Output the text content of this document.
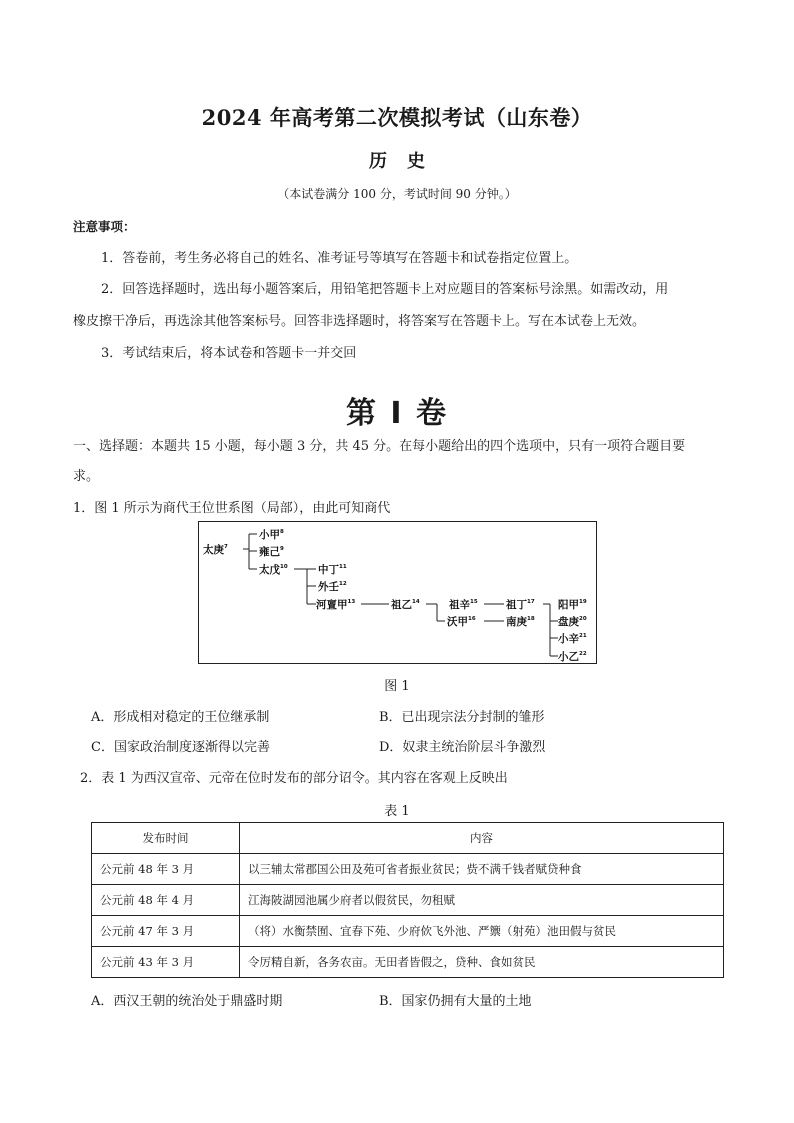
2024 年高考第二次模拟考试（山东卷）
历 史
（本试卷满分 100 分，考试时间 90 分钟。）
注意事项：
1．答卷前，考生务必将自己的姓名、准考证号等填写在答题卡和试卷指定位置上。
2．回答选择题时，选出每小题答案后，用铅笔把答题卡上对应题目的答案标号涂黑。如需改动，用
橡皮擦干净后，再选涂其他答案标号。回答非选择题时，将答案写在答题卡上。写在本试卷上无效。
3．考试结束后，将本试卷和答题卡一并交回
第 I 卷
一、选择题：本题共 15 小题，每小题 3 分，共 45 分。在每小题给出的四个选项中，只有一项符合题目要
求。
1．图 1 所示为商代王位世系图（局部），由此可知商代
太庚$^7$
小甲$^8$
雍己$^9$
太戊$^{10}$	中丁$^{11}$
外壬$^{12}$
河亶甲$^{13}$	祖乙$^{14}$	祖辛$^{15}$
沃甲$^{16}$
祖丁$^{17}$
南庚$^{18}$
阳甲$^{19}$
盘庚$^{20}$
小辛$^{21}$
小乙$^{22}$
图 1
A．形成相对稳定的王位继承制	B．已出现宗法分封制的雏形
C．国家政治制度逐渐得以完善	D．奴隶主统治阶层斗争激烈
2．表 1 为西汉宣帝、元帝在位时发布的部分诏令。其内容在客观上反映出
表 1
发布时间	内容
公元前 48 年 3 月	以三辅太常郡国公田及苑可省者振业贫民；赀不满千钱者赋贷种食
公元前 48 年 4 月	江海陂湖园池属少府者以假贫民，勿租赋
公元前 47 年 3 月	（将）水衡禁囿、宜春下苑、少府佽飞外池、严籞（射苑）池田假与贫民
公元前 43 年 3 月	令厉精自新，各务农亩。无田者皆假之，贷种、食如贫民
A．西汉王朝的统治处于鼎盛时期	B．国家仍拥有大量的土地
